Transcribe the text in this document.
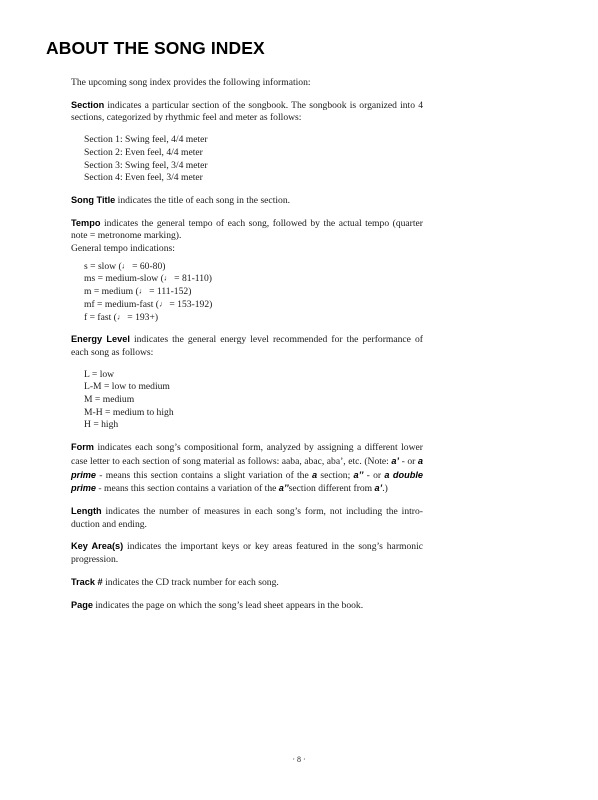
ABOUT THE SONG INDEX

The upcoming song index provides the following information:

Section indicates a particular section of the songbook. The songbook is organized into 4 sections, categorized by rhythmic feel and meter as follows:

Section 1: Swing feel, 4/4 meter
Section 2: Even feel, 4/4 meter
Section 3: Swing feel, 3/4 meter
Section 4: Even feel, 3/4 meter

Song Title indicates the title of each song in the section.

Tempo indicates the general tempo of each song, followed by the actual tempo (quarter note = metronome marking).
General tempo indications:

s = slow (♩ = 60-80)
ms = medium-slow (♩ = 81-110)
m = medium (♩ = 111-152)
mf = medium-fast (♩ = 153-192)
f = fast (♩ = 193+)

Energy Level indicates the general energy level recommended for the performance of each song as follows:

L = low
L-M = low to medium
M = medium
M-H = medium to high
H = high

Form indicates each song’s compositional form, analyzed by assigning a different lower case letter to each section of song material as follows: aaba, abac, aba’, etc. (Note: a’ - or a prime - means this section contains a slight variation of the a section; a’’ - or a double prime - means this section contains a variation of the a’’section different from a’.)

Length indicates the number of measures in each song’s form, not including the intro- duction and ending.

Key Area(s) indicates the important keys or key areas featured in the song’s harmonic progression.

Track # indicates the CD track number for each song.

Page indicates the page on which the song’s lead sheet appears in the book.

· 8 ·
